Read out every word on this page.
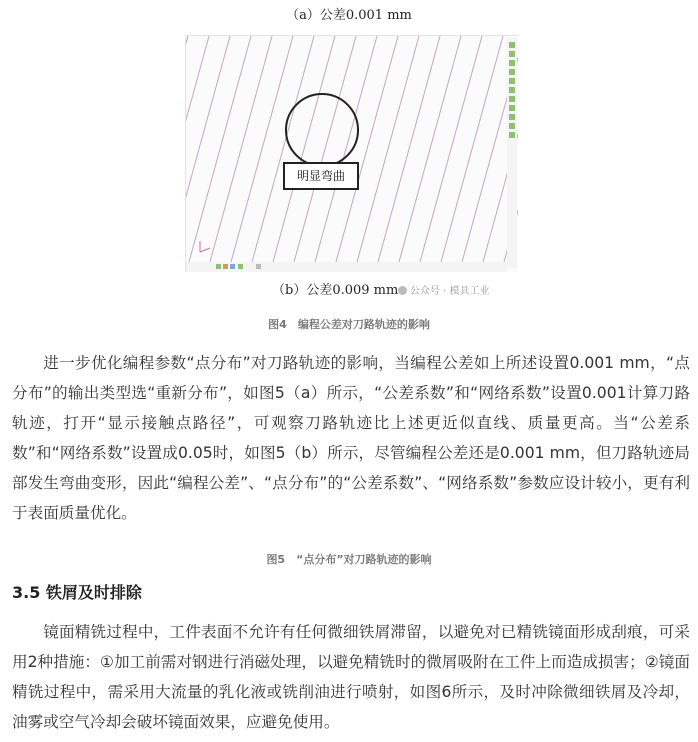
（a）公差0.001 mm
明显弯曲
（b）公差0.009 mm	公众号 · 模具工业
图4　编程公差对刀路轨迹的影响
进一步优化编程参数“点分布”对刀路轨迹的影响，当编程公差如上所述设置0.001 mm，“点分布”的输出类型选“重新分布”，如图5（a）所示，“公差系数”和“网络系数”设置0.001计算刀路轨迹，打开“显示接触点路径”，可观察刀路轨迹比上述更近似直线、质量更高。当“公差系数”和“网络系数”设置成0.05时，如图5（b）所示，尽管编程公差还是0.001 mm，但刀路轨迹局部发生弯曲变形，因此“编程公差”、“点分布”的“公差系数”、“网络系数”参数应设计较小，更有利于表面质量优化。
图5　“点分布”对刀路轨迹的影响
3.5 铁屑及时排除
镜面精铣过程中，工件表面不允许有任何微细铁屑滞留，以避免对已精铣镜面形成刮痕，可采用2种措施：①加工前需对钢进行消磁处理，以避免精铣时的微屑吸附在工件上而造成损害；②镜面精铣过程中，需采用大流量的乳化液或铣削油进行喷射，如图6所示，及时冲除微细铁屑及冷却，油雾或空气冷却会破坏镜面效果，应避免使用。
